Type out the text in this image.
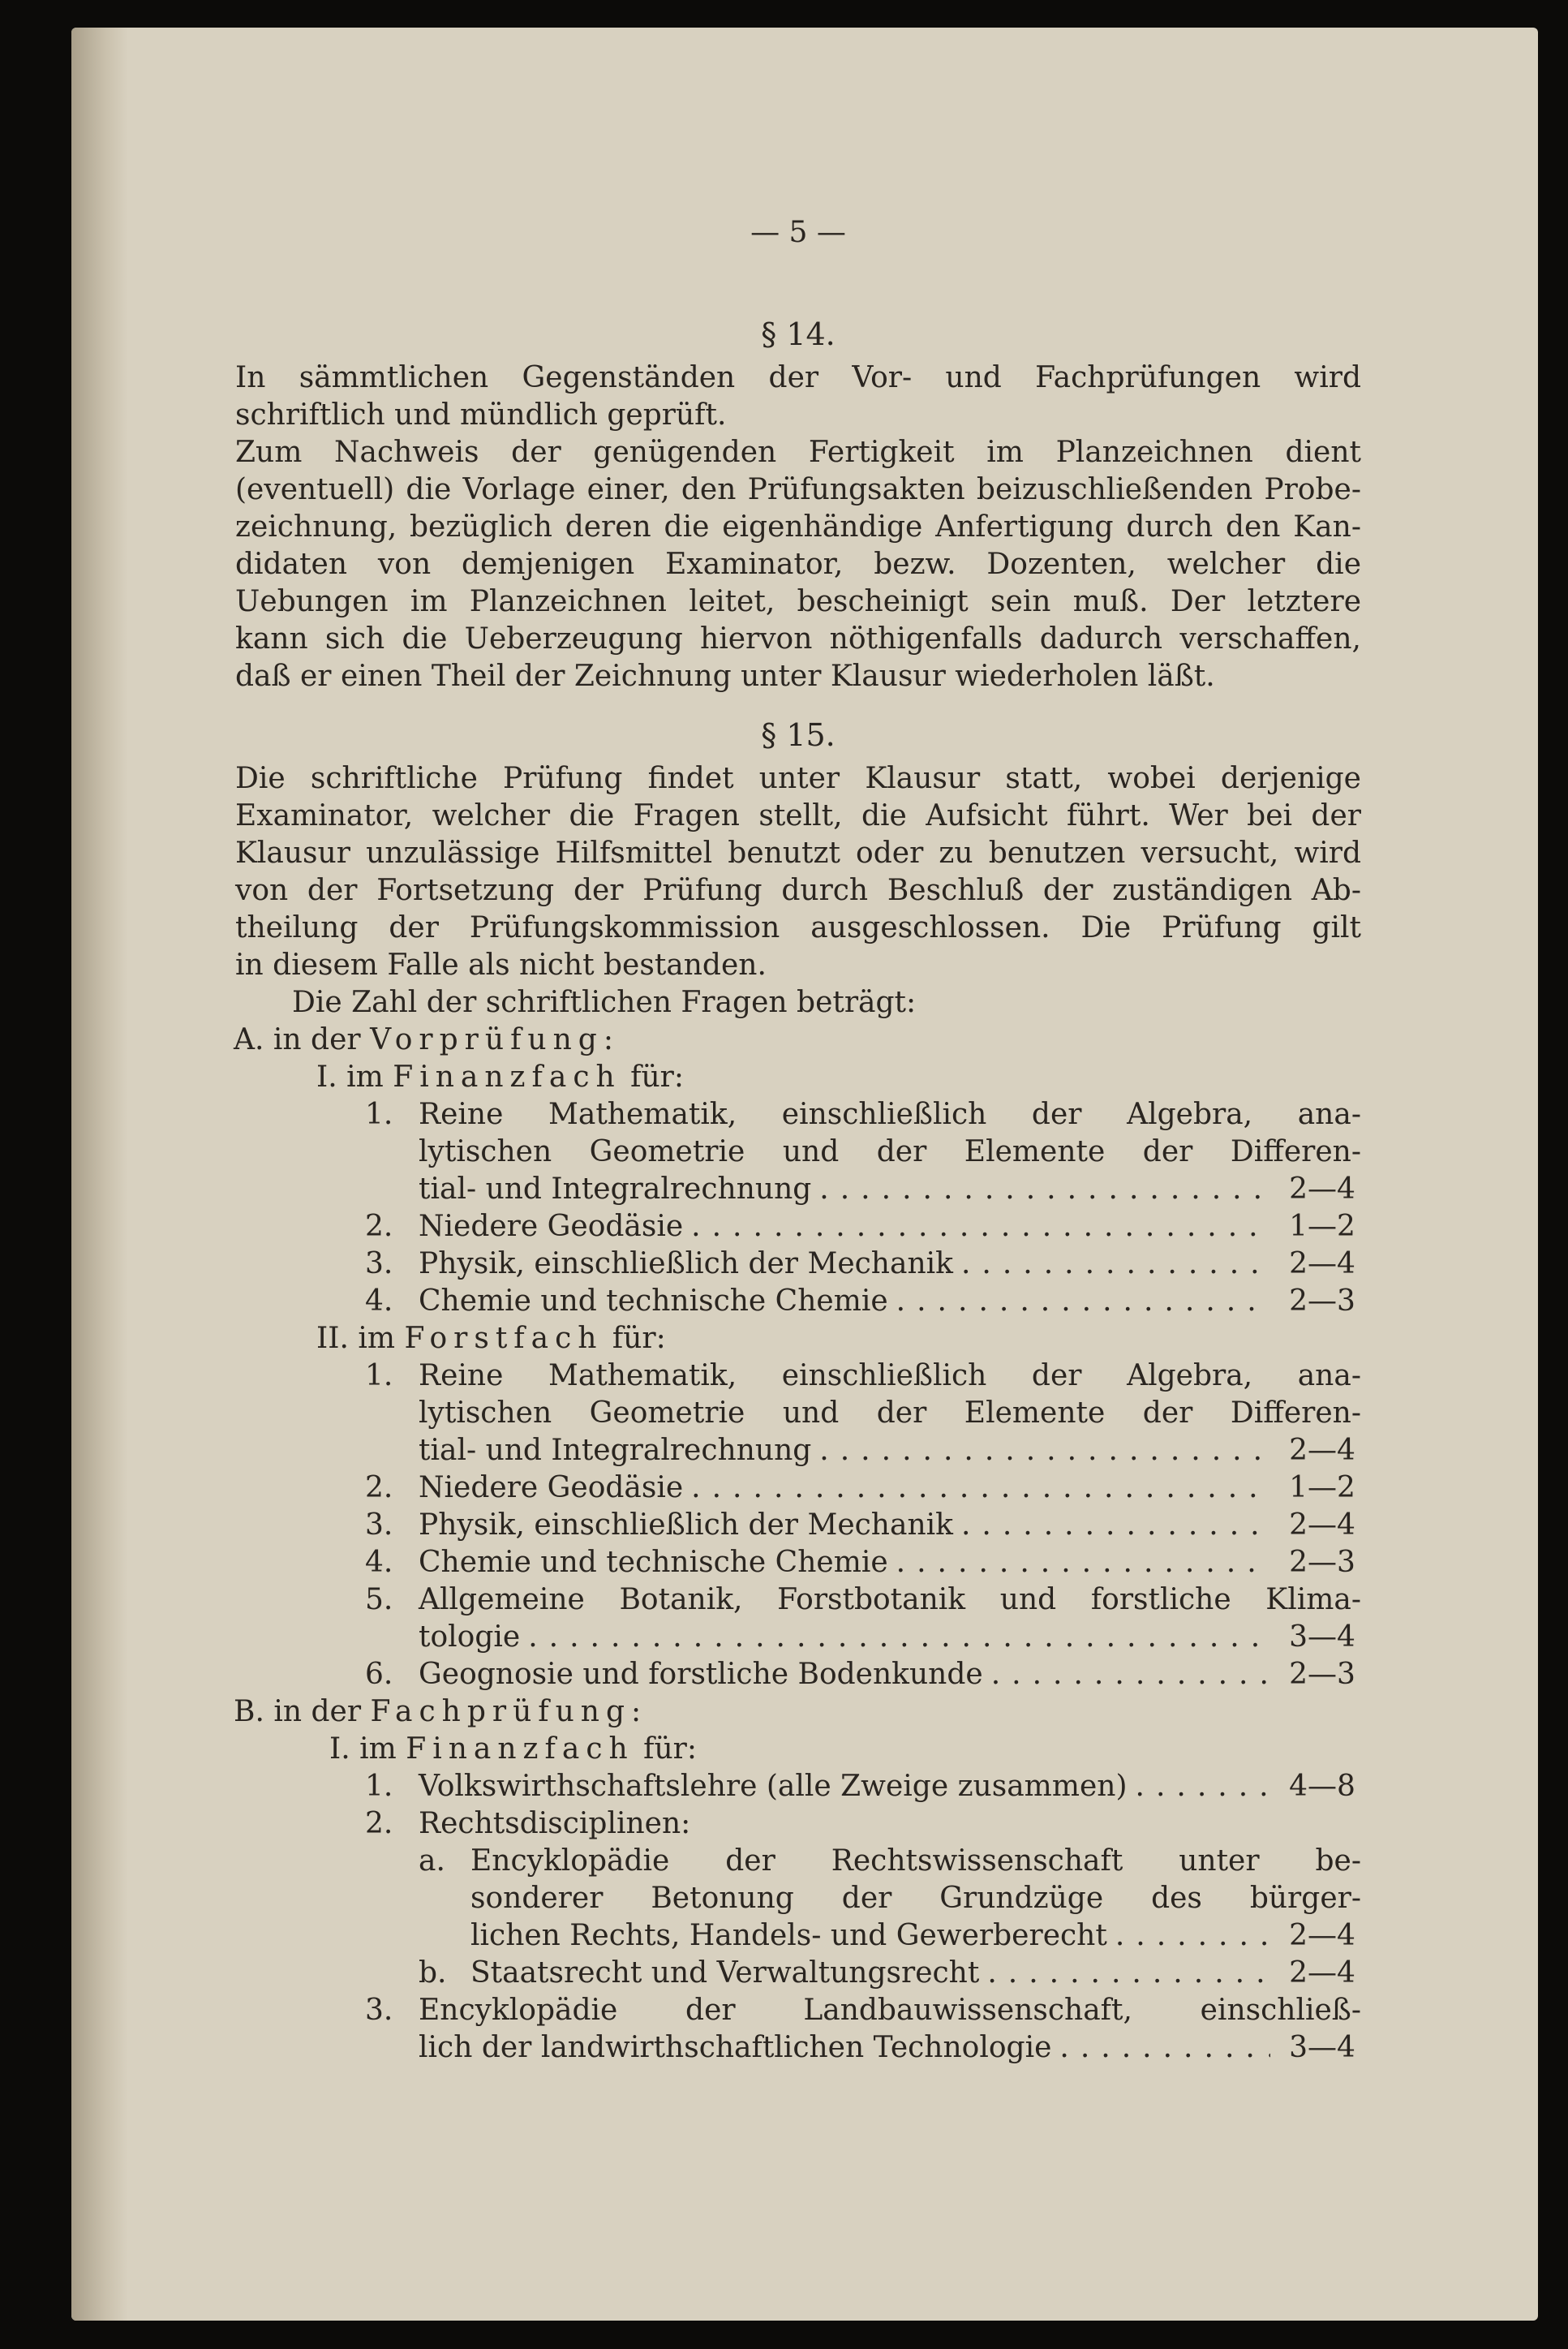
— 5 —
§ 14.
In sämmtlichen Gegenständen der Vor- und Fachprüfungen wird
schriftlich und mündlich geprüft.
Zum Nachweis der genügenden Fertigkeit im Planzeichnen dient
(eventuell) die Vorlage einer, den Prüfungsakten beizuschließenden Probe-
zeichnung, bezüglich deren die eigenhändige Anfertigung durch den Kan-
didaten von demjenigen Examinator, bezw. Dozenten, welcher die
Uebungen im Planzeichnen leitet, bescheinigt sein muß. Der letztere
kann sich die Ueberzeugung hiervon nöthigenfalls dadurch verschaffen,
daß er einen Theil der Zeichnung unter Klausur wiederholen läßt.
§ 15.
Die schriftliche Prüfung findet unter Klausur statt, wobei derjenige
Examinator, welcher die Fragen stellt, die Aufsicht führt. Wer bei der
Klausur unzulässige Hilfsmittel benutzt oder zu benutzen versucht, wird
von der Fortsetzung der Prüfung durch Beschluß der zuständigen Ab-
theilung der Prüfungskommission ausgeschlossen. Die Prüfung gilt
in diesem Falle als nicht bestanden.
Die Zahl der schriftlichen Fragen beträgt:
A. in der Vorprüfung:
I. im Finanzfach für:
1. Reine Mathematik, einschließlich der Algebra, ana-
lytischen Geometrie und der Elemente der Differen-
tial- und Integralrechnung .....	2—4
2. Niedere Geodäsie .....	1—2
3. Physik, einschließlich der Mechanik .....	2—4
4. Chemie und technische Chemie .....	2—3
II. im Forstfach für:
1. Reine Mathematik, einschließlich der Algebra, ana-
lytischen Geometrie und der Elemente der Differen-
tial- und Integralrechnung .....	2—4
2. Niedere Geodäsie .....	1—2
3. Physik, einschließlich der Mechanik .....	2—4
4. Chemie und technische Chemie .....	2—3
5. Allgemeine Botanik, Forstbotanik und forstliche Klima-
tologie .....	3—4
6. Geognosie und forstliche Bodenkunde .....	2—3
B. in der Fachprüfung:
I. im Finanzfach für:
1. Volkswirthschaftslehre (alle Zweige zusammen) .....	4—8
2. Rechtsdisciplinen:
a. Encyklopädie der Rechtswissenschaft unter be-
sonderer Betonung der Grundzüge des bürger-
lichen Rechts, Handels- und Gewerberecht .....	2—4
b. Staatsrecht und Verwaltungsrecht .....	2—4
3. Encyklopädie der Landbauwissenschaft, einschließ-
lich der landwirthschaftlichen Technologie .....	3—4
